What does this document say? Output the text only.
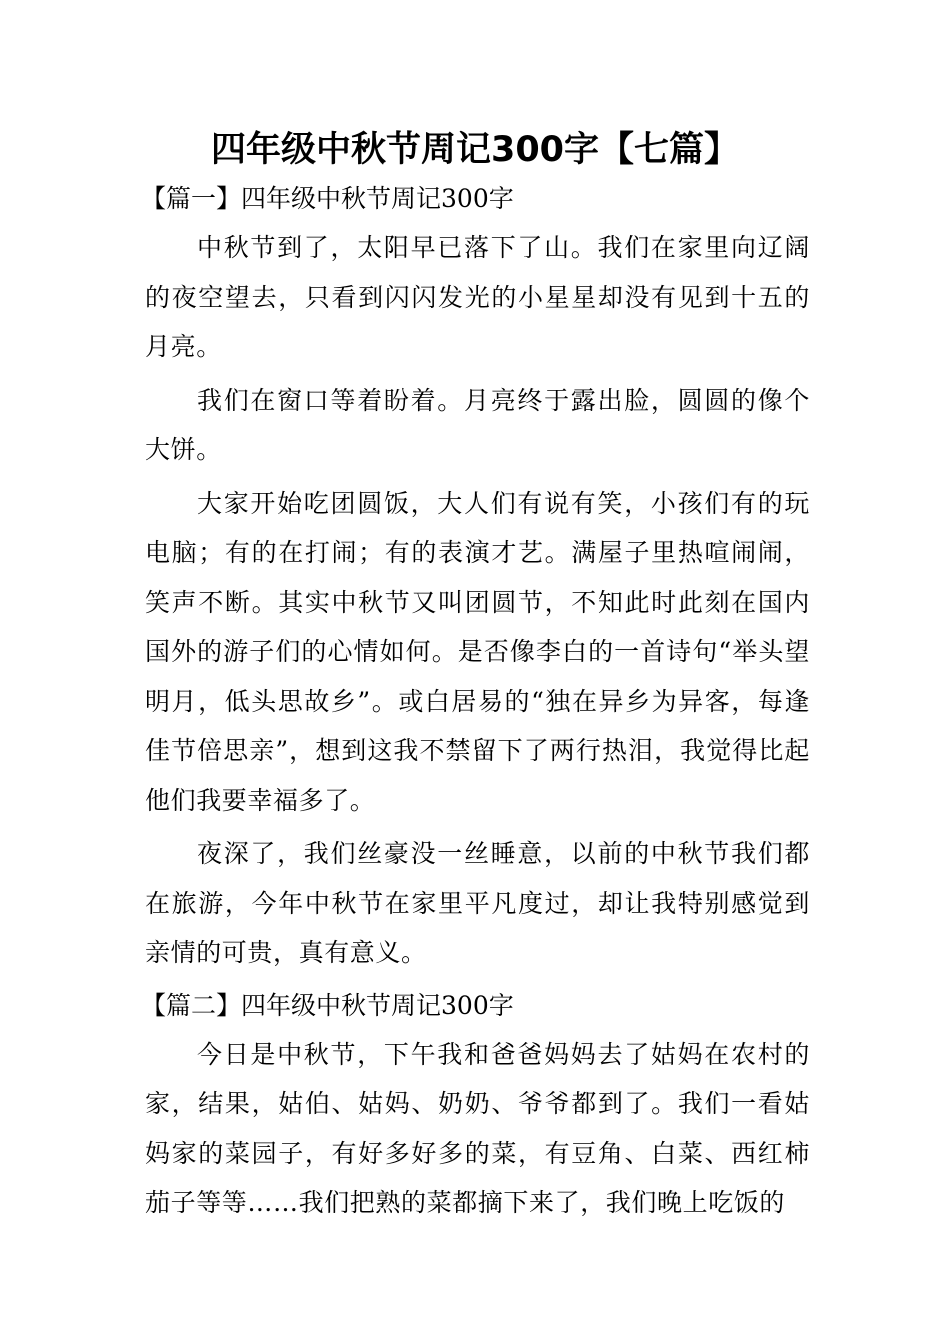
四年级中秋节周记300字【七篇】
【篇一】四年级中秋节周记300字

中秋节到了，太阳早已落下了山。我们在家里向辽阔的夜空望去，只看到闪闪发光的小星星却没有见到十五的月亮。

我们在窗口等着盼着。月亮终于露出脸，圆圆的像个大饼。

大家开始吃团圆饭，大人们有说有笑，小孩们有的玩电脑；有的在打闹；有的表演才艺。满屋子里热喧闹闹，笑声不断。其实中秋节又叫团圆节，不知此时此刻在国内国外的游子们的心情如何。是否像李白的一首诗句“举头望明月，低头思故乡”。或白居易的“独在异乡为异客，每逢佳节倍思亲”，想到这我不禁留下了两行热泪，我觉得比起他们我要幸福多了。

夜深了，我们丝豪没一丝睡意，以前的中秋节我们都在旅游，今年中秋节在家里平凡度过，却让我特别感觉到亲情的可贵，真有意义。

【篇二】四年级中秋节周记300字

今日是中秋节，下午我和爸爸妈妈去了姑妈在农村的家，结果，姑伯、姑妈、奶奶、爷爷都到了。我们一看姑妈家的菜园子，有好多好多的菜，有豆角、白菜、西红柿茄子等等……我们把熟的菜都摘下来了，我们晚上吃饭的
